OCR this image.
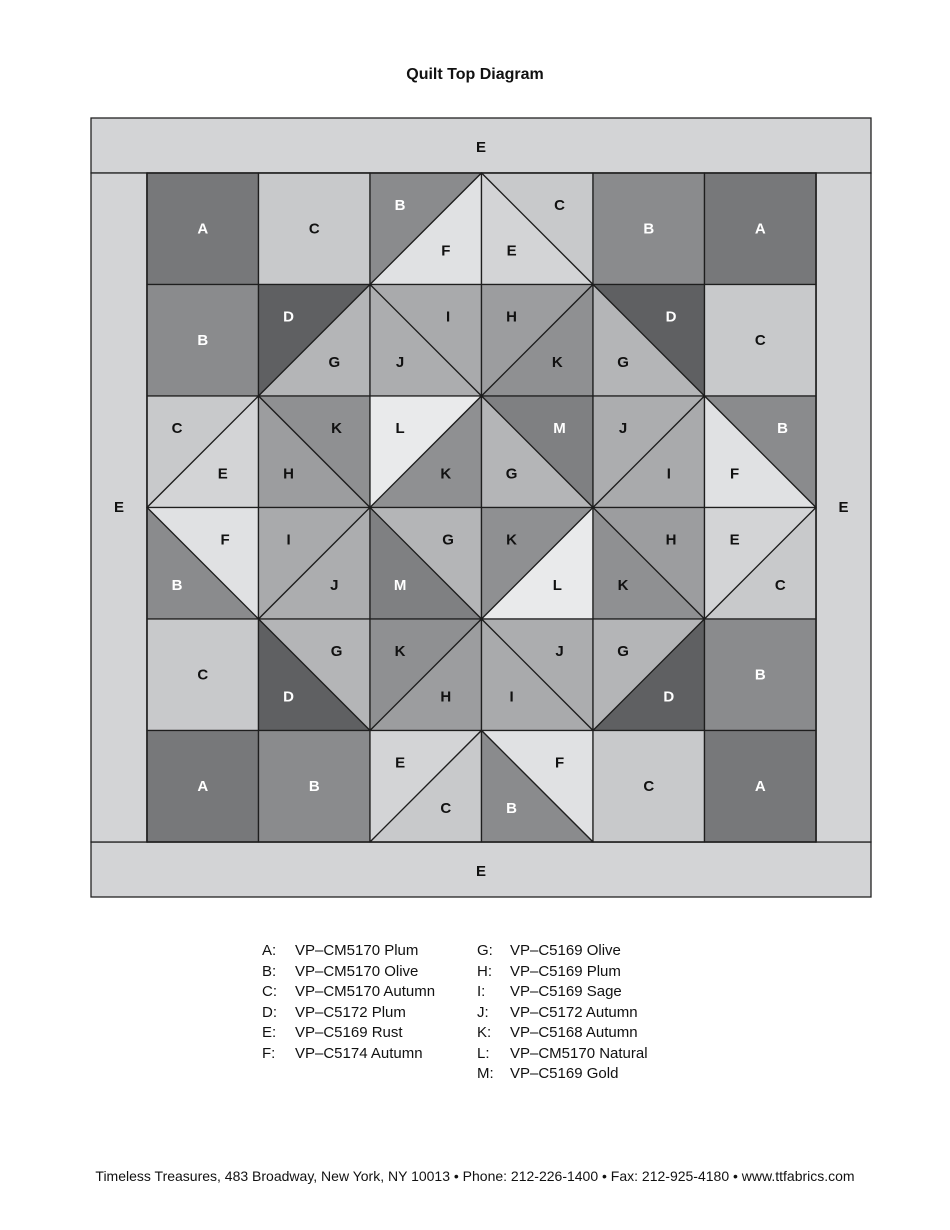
Quilt Top Diagram
E
E
E	E
A	C
B
F
C
E
B	A
B
D
G
I
J
H
K
D
G
C
C
E
K
H
L
K
M
G
J
I
B
F
F
B
I
J
G
M
K
L
H
K
E
C
C
G
D
K
H
J
I
G
D
B
A	B
E
C
F
B
C	A
Timeless Treasures, 483 Broadway, New York, NY 10013 • Phone: 212-226-1400 • Fax: 212-925-4180 • www.ttfabrics.com
A:	VP–CM5170 Plum
B:	VP–CM5170 Olive
C:	VP–CM5170 Autumn
D:	VP–C5172 Plum
E:	VP–C5169 Rust
F:	VP–C5174 Autumn
G:	VP–C5169 Olive
H:	VP–C5169 Plum
I:	VP–C5169 Sage
J:	VP–C5172 Autumn
K:	VP–C5168 Autumn
L:	VP–CM5170 Natural
M:	VP–C5169 Gold
